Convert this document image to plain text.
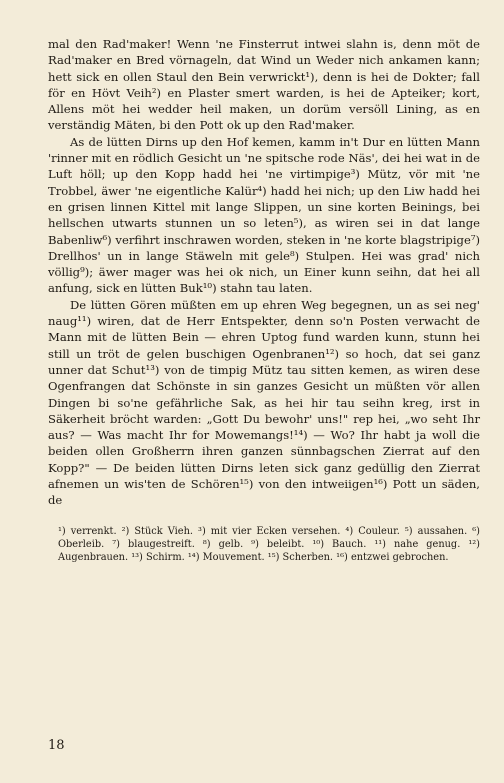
mal den Rad'maker! Wenn 'ne Finsterrut intwei slahn is, denn möt de Rad'maker en Bred vörnageln, dat Wind un Weder nich ankamen kann; hett sick en ollen Staul den Bein verwrickt¹), denn is hei de Dokter; fall för en Hövt Veih²) en Plaster smert warden, is hei de Apteiker; kort, Allens möt hei wedder heil maken, un dorüm versöll Lining, as en verständig Mäten, bi den Pott ok up den Rad'maker.

As de lütten Dirns up den Hof kemen, kamm in't Dur en lütten Mann 'rinner mit en rödlich Gesicht un 'ne spitsche rode Näs', dei hei wat in de Luft höll; up den Kopp hadd hei 'ne virtimpige³) Mütz, vör mit 'ne Trobbel, äwer 'ne eigentliche Kalür⁴) hadd hei nich; up den Liw hadd hei en grisen linnen Kittel mit lange Slippen, un sine korten Beinings, bei hellschen utwarts stunnen un so leten⁵), as wiren sei in dat lange Babenliw⁶) verfihrt inschrawen worden, steken in 'ne korte blagstripige⁷) Drellhos' un in lange Stäweln mit gele⁸) Stulpen. Hei was grad' nich völlig⁹); äwer mager was hei ok nich, un Einer kunn seihn, dat hei all anfung, sick en lütten Buk¹⁰) stahn tau laten.

De lütten Gören müßten em up ehren Weg begegnen, un as sei neg' naug¹¹) wiren, dat de Herr Entspekter, denn so'n Posten verwacht de Mann mit de lütten Bein — ehren Uptog fund warden kunn, stunn hei still un tröt de gelen buschigen Ogenbranen¹²) so hoch, dat sei ganz unner dat Schut¹³) von de timpig Mütz tau sitten kemen, as wiren dese Ogenfrangen dat Schönste in sin ganzes Gesicht un müßten vör allen Dingen bi so'ne gefährliche Sak, as hei hir tau seihn kreg, irst in Säkerheit bröcht warden: „Gott Du bewohr' uns!" rep hei, „wo seht Ihr aus? — Was macht Ihr for Mowemangs!¹⁴) — Wo? Ihr habt ja woll die beiden ollen Großherrn ihren ganzen sünnbagschen Zierrat auf den Kopp?" — De beiden lütten Dirns leten sick ganz gedüllig den Zierrat afnemen un wis'ten de Schören¹⁵) von den intweiigen¹⁶) Pott un säden, de

¹) verrenkt. ²) Stück Vieh. ³) mit vier Ecken versehen. ⁴) Couleur. ⁵) aussahen. ⁶) Oberleib. ⁷) blaugestreift. ⁸) gelb. ⁹) beleibt. ¹⁰) Bauch. ¹¹) nahe genug. ¹²) Augenbrauen. ¹³) Schirm. ¹⁴) Mouvement. ¹⁵) Scherben. ¹⁶) entzwei gebrochen.
18
